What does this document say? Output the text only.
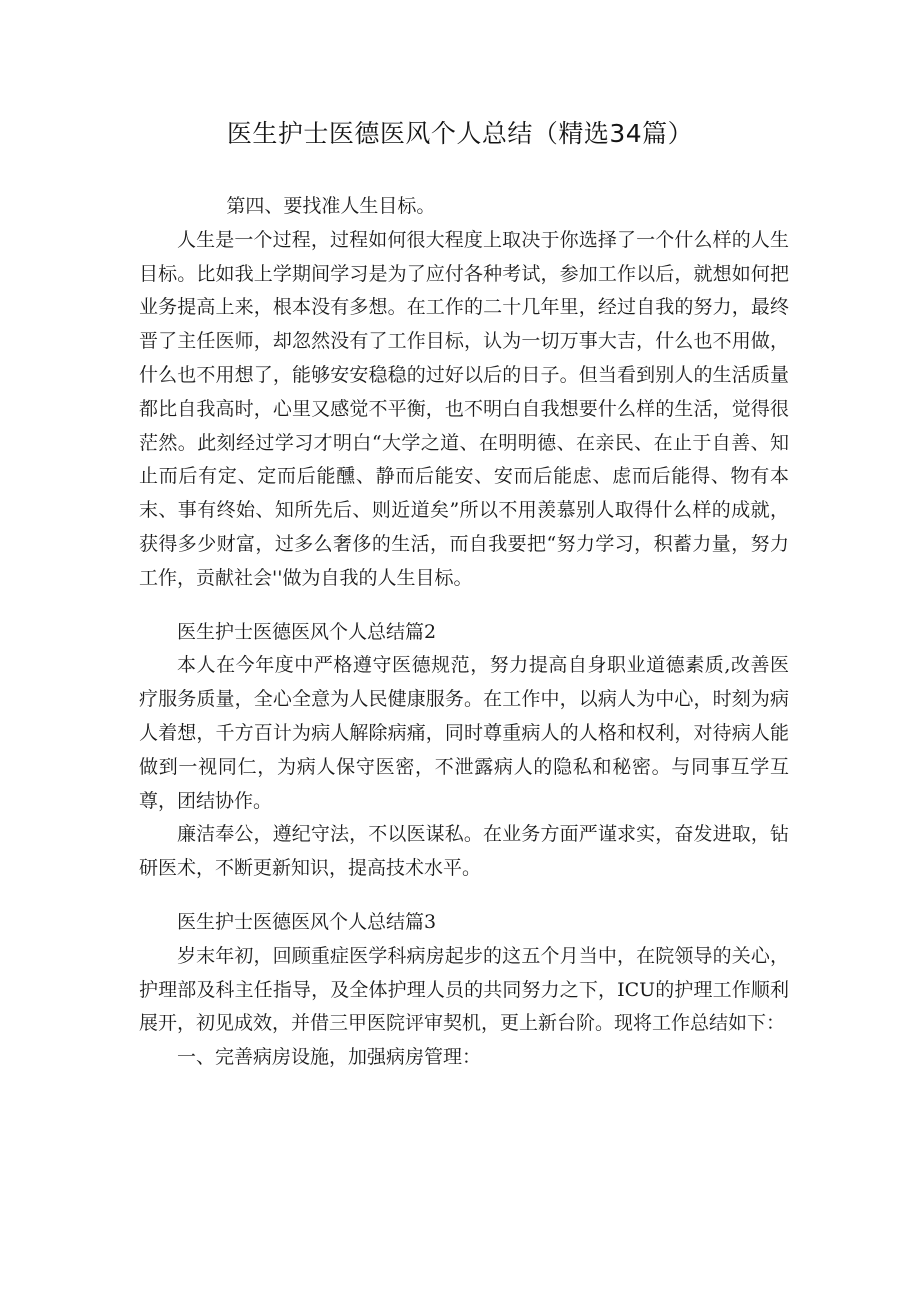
医生护士医德医风个人总结（精选34篇）

第四、要找准人生目标。

人生是一个过程，过程如何很大程度上取决于你选择了一个什么样的人生目标。比如我上学期间学习是为了应付各种考试，参加工作以后，就想如何把业务提高上来，根本没有多想。在工作的二十几年里，经过自我的努力，最终晋了主任医师，却忽然没有了工作目标，认为一切万事大吉，什么也不用做，什么也不用想了，能够安安稳稳的过好以后的日子。但当看到别人的生活质量都比自我高时，心里又感觉不平衡，也不明白自我想要什么样的生活，觉得很茫然。此刻经过学习才明白“大学之道、在明明德、在亲民、在止于自善、知止而后有定、定而后能醺、静而后能安、安而后能虑、虑而后能得、物有本末、事有终始、知所先后、则近道矣”所以不用羡慕别人取得什么样的成就，获得多少财富，过多么奢侈的生活，而自我要把“努力学习，积蓄力量，努力工作，贡献社会''做为自我的人生目标。

医生护士医德医风个人总结篇2

本人在今年度中严格遵守医德规范，努力提高自身职业道德素质,改善医疗服务质量，全心全意为人民健康服务。在工作中，以病人为中心，时刻为病人着想，千方百计为病人解除病痛，同时尊重病人的人格和权利，对待病人能做到一视同仁，为病人保守医密，不泄露病人的隐私和秘密。与同事互学互尊，团结协作。

廉洁奉公，遵纪守法，不以医谋私。在业务方面严谨求实，奋发进取，钻研医术，不断更新知识，提高技术水平。

医生护士医德医风个人总结篇3

岁末年初，回顾重症医学科病房起步的这五个月当中，在院领导的关心，护理部及科主任指导，及全体护理人员的共同努力之下，ICU的护理工作顺利展开，初见成效，并借三甲医院评审契机，更上新台阶。现将工作总结如下：

一、完善病房设施，加强病房管理：
